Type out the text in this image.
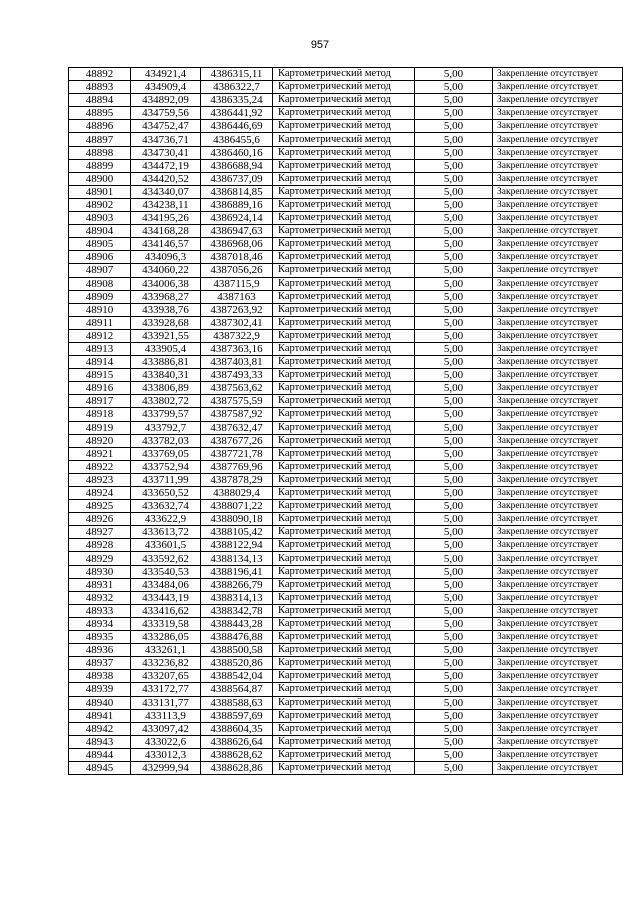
957
48892	434921,4	4386315,11	Картометрический метод	5,00	Закрепление отсутствует
48893	434909,4	4386322,7	Картометрический метод	5,00	Закрепление отсутствует
48894	434892,09	4386335,24	Картометрический метод	5,00	Закрепление отсутствует
48895	434759,56	4386441,92	Картометрический метод	5,00	Закрепление отсутствует
48896	434752,47	4386446,69	Картометрический метод	5,00	Закрепление отсутствует
48897	434736,71	4386455,6	Картометрический метод	5,00	Закрепление отсутствует
48898	434730,41	4386460,16	Картометрический метод	5,00	Закрепление отсутствует
48899	434472,19	4386688,94	Картометрический метод	5,00	Закрепление отсутствует
48900	434420,52	4386737,09	Картометрический метод	5,00	Закрепление отсутствует
48901	434340,07	4386814,85	Картометрический метод	5,00	Закрепление отсутствует
48902	434238,11	4386889,16	Картометрический метод	5,00	Закрепление отсутствует
48903	434195,26	4386924,14	Картометрический метод	5,00	Закрепление отсутствует
48904	434168,28	4386947,63	Картометрический метод	5,00	Закрепление отсутствует
48905	434146,57	4386968,06	Картометрический метод	5,00	Закрепление отсутствует
48906	434096,3	4387018,46	Картометрический метод	5,00	Закрепление отсутствует
48907	434060,22	4387056,26	Картометрический метод	5,00	Закрепление отсутствует
48908	434006,38	4387115,9	Картометрический метод	5,00	Закрепление отсутствует
48909	433968,27	4387163	Картометрический метод	5,00	Закрепление отсутствует
48910	433938,76	4387263,92	Картометрический метод	5,00	Закрепление отсутствует
48911	433928,68	4387302,41	Картометрический метод	5,00	Закрепление отсутствует
48912	433921,55	4387322,9	Картометрический метод	5,00	Закрепление отсутствует
48913	433905,4	4387363,16	Картометрический метод	5,00	Закрепление отсутствует
48914	433886,81	4387403,81	Картометрический метод	5,00	Закрепление отсутствует
48915	433840,31	4387493,33	Картометрический метод	5,00	Закрепление отсутствует
48916	433806,89	4387563,62	Картометрический метод	5,00	Закрепление отсутствует
48917	433802,72	4387575,59	Картометрический метод	5,00	Закрепление отсутствует
48918	433799,57	4387587,92	Картометрический метод	5,00	Закрепление отсутствует
48919	433792,7	4387632,47	Картометрический метод	5,00	Закрепление отсутствует
48920	433782,03	4387677,26	Картометрический метод	5,00	Закрепление отсутствует
48921	433769,05	4387721,78	Картометрический метод	5,00	Закрепление отсутствует
48922	433752,94	4387769,96	Картометрический метод	5,00	Закрепление отсутствует
48923	433711,99	4387878,29	Картометрический метод	5,00	Закрепление отсутствует
48924	433650,52	4388029,4	Картометрический метод	5,00	Закрепление отсутствует
48925	433632,74	4388071,22	Картометрический метод	5,00	Закрепление отсутствует
48926	433622,9	4388090,18	Картометрический метод	5,00	Закрепление отсутствует
48927	433613,72	4388105,42	Картометрический метод	5,00	Закрепление отсутствует
48928	433601,5	4388122,94	Картометрический метод	5,00	Закрепление отсутствует
48929	433592,62	4388134,13	Картометрический метод	5,00	Закрепление отсутствует
48930	433540,53	4388196,41	Картометрический метод	5,00	Закрепление отсутствует
48931	433484,06	4388266,79	Картометрический метод	5,00	Закрепление отсутствует
48932	433443,19	4388314,13	Картометрический метод	5,00	Закрепление отсутствует
48933	433416,62	4388342,78	Картометрический метод	5,00	Закрепление отсутствует
48934	433319,58	4388443,28	Картометрический метод	5,00	Закрепление отсутствует
48935	433286,05	4388476,88	Картометрический метод	5,00	Закрепление отсутствует
48936	433261,1	4388500,58	Картометрический метод	5,00	Закрепление отсутствует
48937	433236,82	4388520,86	Картометрический метод	5,00	Закрепление отсутствует
48938	433207,65	4388542,04	Картометрический метод	5,00	Закрепление отсутствует
48939	433172,77	4388564,87	Картометрический метод	5,00	Закрепление отсутствует
48940	433131,77	4388588,63	Картометрический метод	5,00	Закрепление отсутствует
48941	433113,9	4388597,69	Картометрический метод	5,00	Закрепление отсутствует
48942	433097,42	4388604,35	Картометрический метод	5,00	Закрепление отсутствует
48943	433022,6	4388626,64	Картометрический метод	5,00	Закрепление отсутствует
48944	433012,3	4388628,62	Картометрический метод	5,00	Закрепление отсутствует
48945	432999,94	4388628,86	Картометрический метод	5,00	Закрепление отсутствует
